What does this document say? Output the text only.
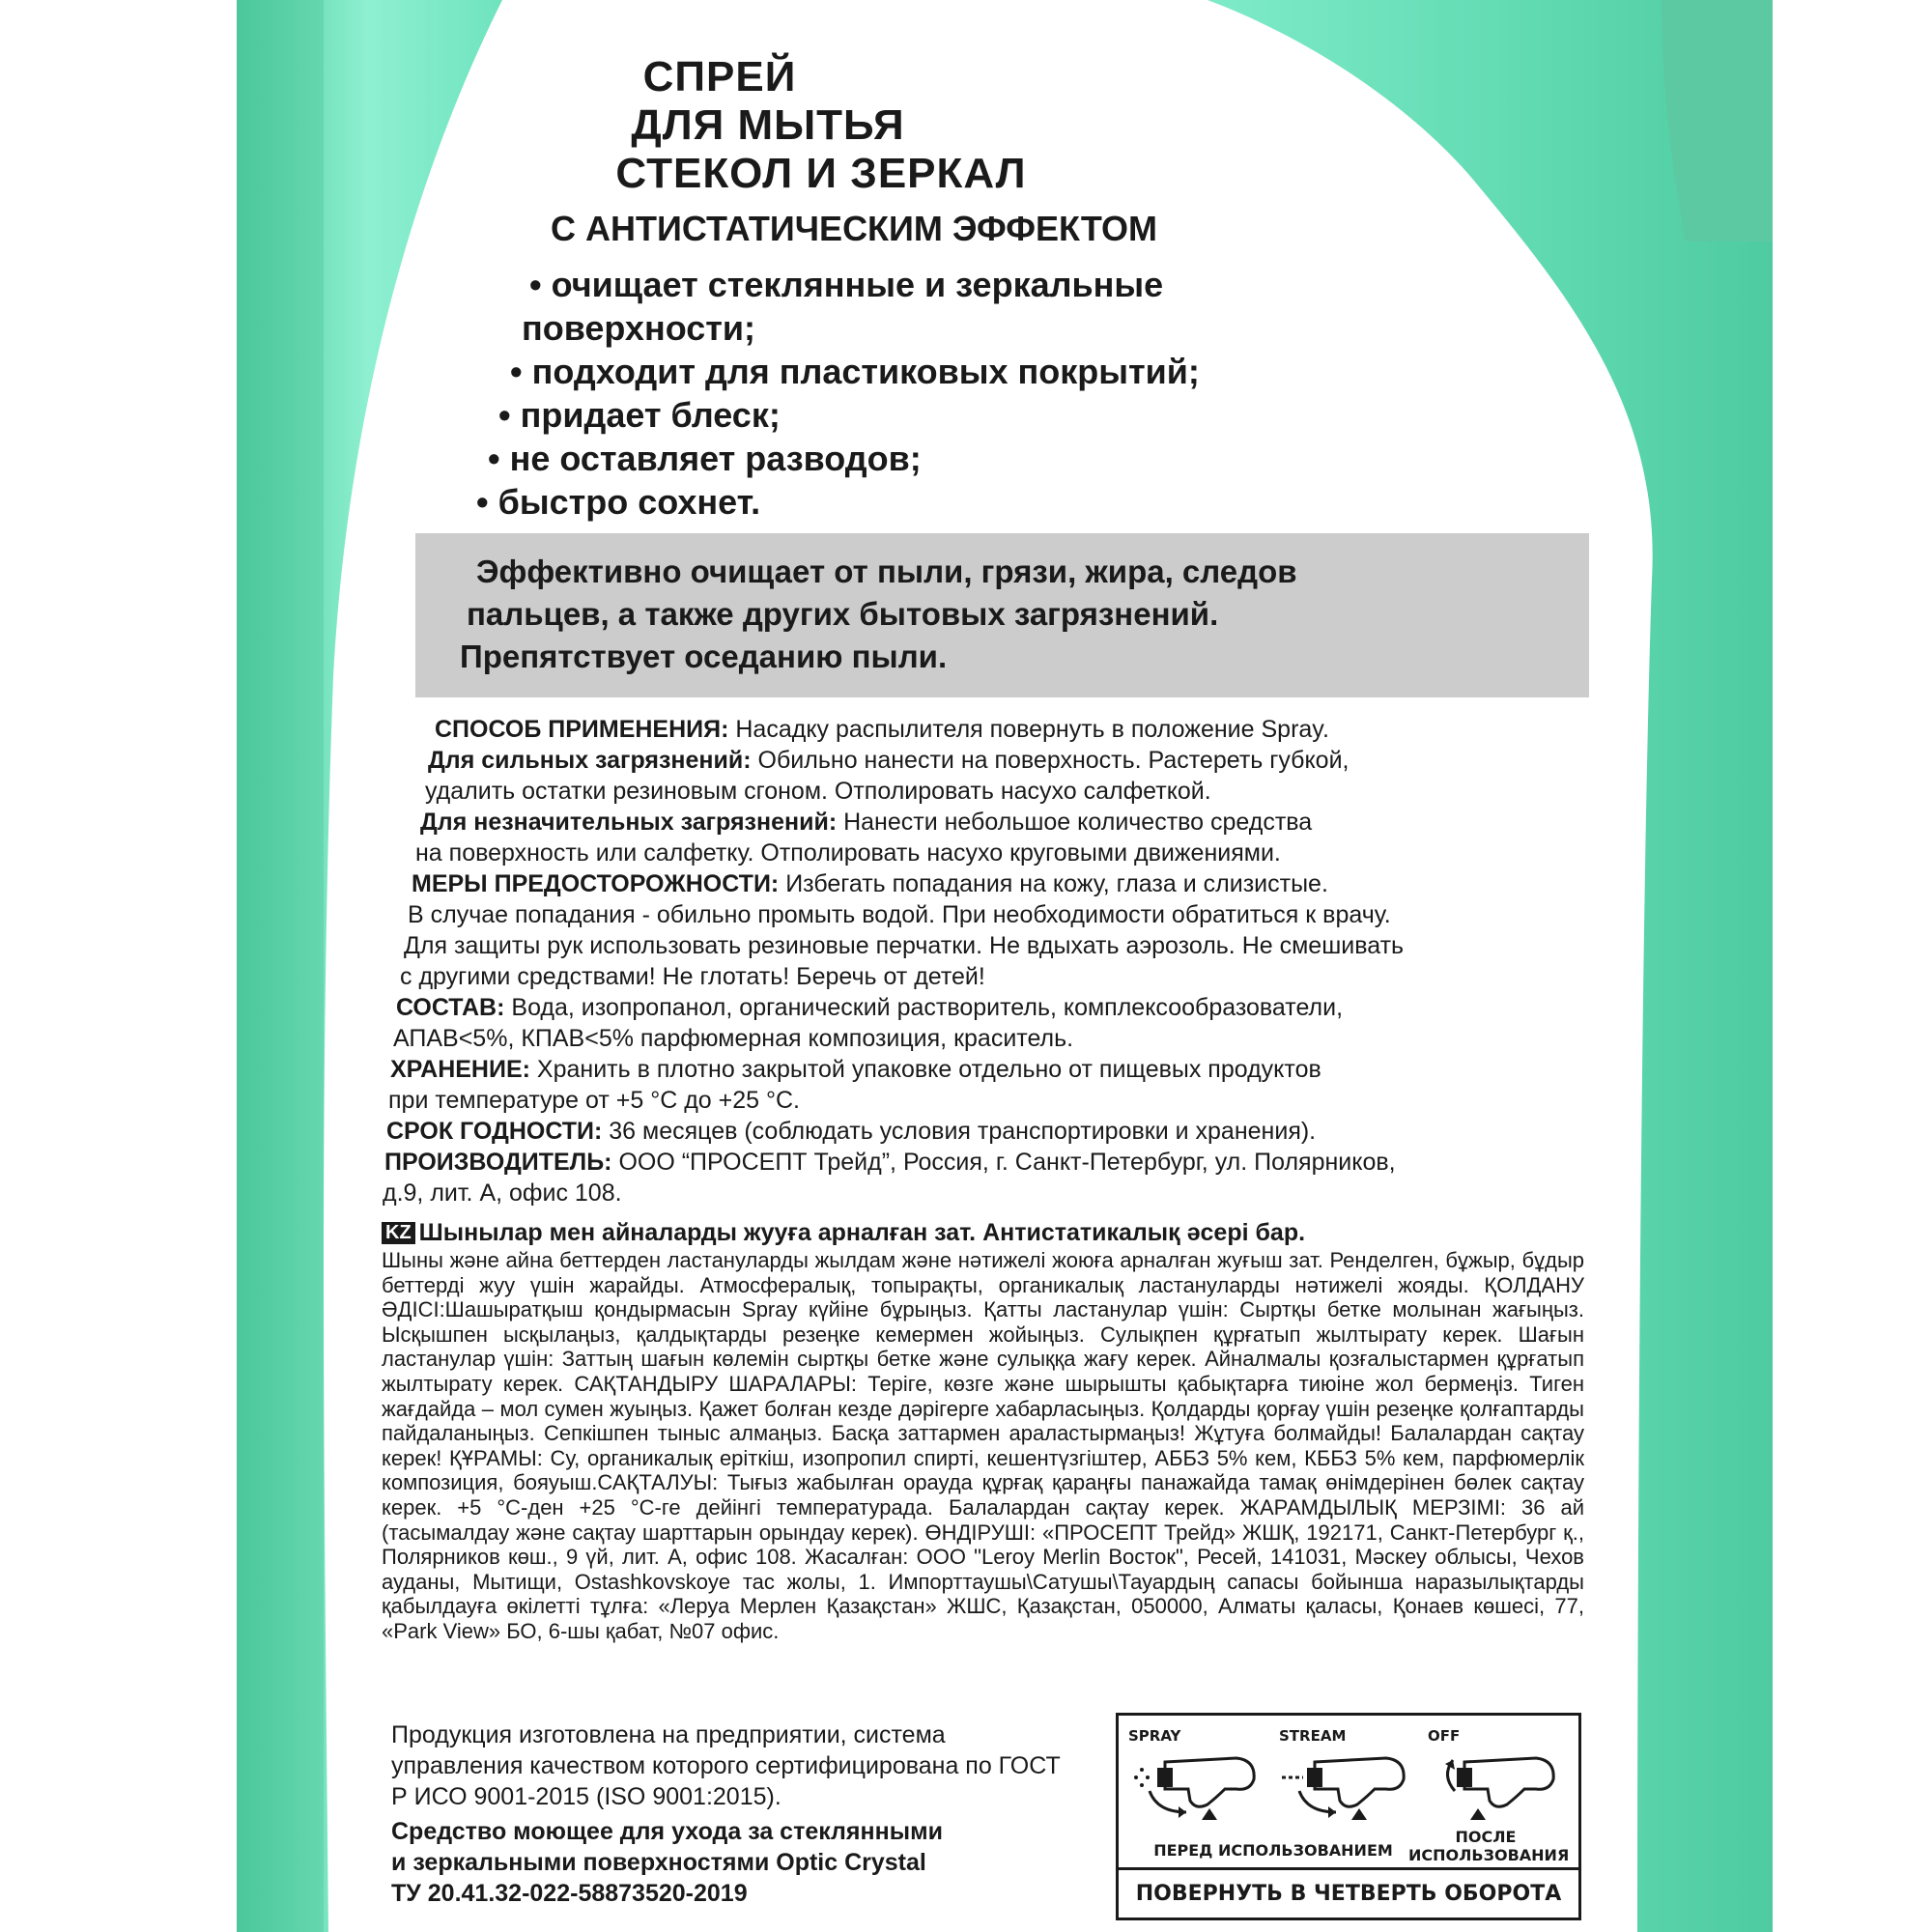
СПРЕЙ
ДЛЯ МЫТЬЯ
СТЕКОЛ И ЗЕРКАЛ
С АНТИСТАТИЧЕСКИМ ЭФФЕКТОМ
• очищает стеклянные и зеркальные
поверхности;
• подходит для пластиковых покрытий;
• придает блеск;
• не оставляет разводов;
• быстро сохнет.
Эффективно очищает от пыли, грязи, жира, следов
пальцев, а также других бытовых загрязнений.
Препятствует оседанию пыли.
СПОСОБ ПРИМЕНЕНИЯ: Насадку распылителя повернуть в положение Spray.
Для сильных загрязнений: Обильно нанести на поверхность. Растереть губкой,
удалить остатки резиновым сгоном. Отполировать насухо салфеткой.
Для незначительных загрязнений: Нанести небольшое количество средства
на поверхность или салфетку. Отполировать насухо круговыми движениями.
МЕРЫ ПРЕДОСТОРОЖНОСТИ: Избегать попадания на кожу, глаза и слизистые.
В случае попадания - обильно промыть водой. При необходимости обратиться к врачу.
Для защиты рук использовать резиновые перчатки. Не вдыхать аэрозоль. Не смешивать
с другими средствами! Не глотать! Беречь от детей!
СОСТАВ: Вода, изопропанол, органический растворитель, комплексообразователи,
АПАВ<5%, КПАВ<5% парфюмерная композиция, краситель.
ХРАНЕНИЕ: Хранить в плотно закрытой упаковке отдельно от пищевых продуктов
при температуре от +5 °С до +25 °С.
СРОК ГОДНОСТИ: 36 месяцев (соблюдать условия транспортировки и хранения).
ПРОИЗВОДИТЕЛЬ: ООО “ПРОСЕПТ Трейд”, Россия, г. Санкт-Петербург, ул. Полярников,
д.9, лит. А, офис 108.
KZ Шынылар мен айналарды жууға арналған зат. Антистатикалық әсері бар.
Шыны және айна беттерден ластануларды жылдам және нәтижелі жоюға арналған жуғыш зат. Ренделген, бұжыр, бұдыр беттерді жуу үшін жарайды. Атмосфералық, топырақты, органикалық ластануларды нәтижелі жояды. ҚОЛДАНУ ӘДІСІ:Шашыратқыш қондырмасын Spray күйіне бұрыңыз. Қатты ластанулар үшін: Сыртқы бетке молынан жағыңыз. Ысқышпен ысқылаңыз, қалдықтарды резеңке кемермен жойыңыз. Сулықпен құрғатып жылтырату керек. Шағын ластанулар үшін: Заттың шағын көлемін сыртқы бетке және сулыққа жағу керек. Айналмалы қозғалыстармен құрғатып жылтырату керек. САҚТАНДЫРУ ШАРАЛАРЫ: Теріге, көзге және шырышты қабықтарға тиюіне жол бермеңіз. Тиген жағдайда – мол сумен жуыңыз. Қажет болған кезде дәрігерге хабарласыңыз. Қолдарды қорғау үшін резеңке қолғаптарды пайдаланыңыз. Сепкішпен тыныс алмаңыз. Басқа заттармен араластырмаңыз! Жұтуға болмайды! Балалардан сақтау керек! ҚҰРАМЫ: Су, органикалық еріткіш, изопропил спирті, кешентүзгіштер, АББЗ 5% кем, КББЗ 5% кем, парфюмерлік композиция, бояуыш.САҚТАЛУЫ: Тығыз жабылған орауда құрғақ қараңғы панажайда тамақ өнімдерінен бөлек сақтау керек. +5 °С-ден +25 °С-ге дейінгі температурада. Балалардан сақтау керек. ЖАРАМДЫЛЫҚ МЕРЗІМІ: 36 ай (тасымалдау және сақтау шарттарын орындау керек). ӨНДІРУШІ: «ПРОСЕПТ Трейд» ЖШҚ, 192171, Санкт-Петербург қ., Полярников көш., 9 үй, лит. А, офис 108. Жасалған: ООО "Leroy Merlin Восток", Ресей, 141031, Мәскеу облысы, Чехов ауданы, Мытищи, Ostashkovskoye тас жолы, 1. Импорттаушы\Сатушы\Тауардың сапасы бойынша наразылықтарды қабылдауға өкілетті тұлға: «Леруа Мерлен Қазақстан» ЖШС, Қазақстан, 050000, Алматы қаласы, Қонаев көшесі, 77, «Park View» БО, 6-шы қабат, №07 офис.
Продукция изготовлена на предприятии, система управления качеством которого сертифицирована по ГОСТ Р ИСО 9001-2015 (ISO 9001:2015).
Средство моющее для ухода за стеклянными
и зеркальными поверхностями Optic Crystal
ТУ 20.41.32-022-58873520-2019
SPRAY	STREAM	OFF
ПЕРЕД ИСПОЛЬЗОВАНИЕМ
ПОСЛЕ
ИСПОЛЬЗОВАНИЯ
ПОВЕРНУТЬ В ЧЕТВЕРТЬ ОБОРОТА
